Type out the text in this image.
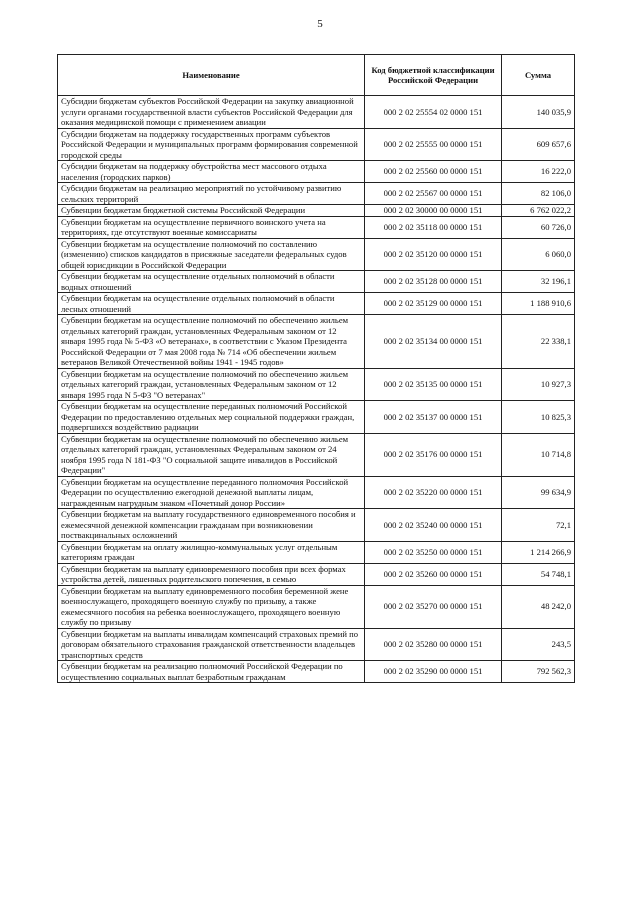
5
Наименование	Код бюджетной классификации Российской Федерации	Сумма
Субсидии бюджетам субъектов Российской Федерации на закупку авиационной услуги органами государственной власти субъектов Российской Федерации для оказания медицинской помощи с применением авиации	000 2 02 25554 02 0000 151	140 035,9
Субсидии бюджетам на поддержку государственных программ субъектов Российской Федерации и муниципальных программ формирования современной городской среды	000 2 02 25555 00 0000 151	609 657,6
Субсидии бюджетам на поддержку обустройства мест массового отдыха населения (городских парков)	000 2 02 25560 00 0000 151	16 222,0
Субсидии бюджетам на реализацию мероприятий по устойчивому развитию сельских территорий	000 2 02 25567 00 0000 151	82 106,0
Субвенции бюджетам бюджетной системы Российской Федерации	000 2 02 30000 00 0000 151	6 762 022,2
Субвенции бюджетам на осуществление первичного воинского учета на территориях, где отсутствуют военные комиссариаты	000 2 02 35118 00 0000 151	60 726,0
Субвенции бюджетам на осуществление полномочий по составлению (изменению) списков кандидатов в присяжные заседатели федеральных судов общей юрисдикции в Российской Федерации	000 2 02 35120 00 0000 151	6 060,0
Субвенции бюджетам на осуществление отдельных полномочий в области водных отношений	000 2 02 35128 00 0000 151	32 196,1
Субвенции бюджетам на осуществление отдельных полномочий в области лесных отношений	000 2 02 35129 00 0000 151	1 188 910,6
Субвенции бюджетам на осуществление полномочий по обеспечению жильем отдельных категорий граждан, установленных Федеральным законом от 12 января 1995 года № 5-ФЗ «О ветеранах», в соответствии с Указом Президента Российской Федерации от 7 мая 2008 года № 714 «Об обеспечении жильем ветеранов Великой Отечественной войны 1941 - 1945 годов»	000 2 02 35134 00 0000 151	22 338,1
Субвенции бюджетам на осуществление полномочий по обеспечению жильем отдельных категорий граждан, установленных Федеральным законом от 12 января 1995 года N 5-ФЗ "О ветеранах"	000 2 02 35135 00 0000 151	10 927,3
Субвенции бюджетам на осуществление переданных полномочий Российской Федерации по предоставлению отдельных мер социальной поддержки граждан, подвергшихся воздействию радиации	000 2 02 35137 00 0000 151	10 825,3
Субвенции бюджетам на осуществление полномочий по обеспечению жильем отдельных категорий граждан, установленных Федеральным законом от 24 ноября 1995 года N 181-ФЗ "О социальной защите инвалидов в Российской Федерации"	000 2 02 35176 00 0000 151	10 714,8
Субвенции бюджетам на осуществление переданного полномочия Российской Федерации по осуществлению ежегодной денежной выплаты лицам, награжденным нагрудным знаком «Почетный донор России»	000 2 02 35220 00 0000 151	99 634,9
Субвенции бюджетам на выплату государственного единовременного пособия и ежемесячной денежной компенсации гражданам при возникновении поствакцинальных осложнений	000 2 02 35240 00 0000 151	72,1
Субвенции бюджетам на оплату жилищно-коммунальных услуг отдельным категориям граждан	000 2 02 35250 00 0000 151	1 214 266,9
Субвенции бюджетам на выплату единовременного пособия при всех формах устройства детей, лишенных родительского попечения, в семью	000 2 02 35260 00 0000 151	54 748,1
Субвенции бюджетам на выплату единовременного пособия беременной жене военнослужащего, проходящего военную службу по призыву, а также ежемесячного пособия на ребенка военнослужащего, проходящего военную службу по призыву	000 2 02 35270 00 0000 151	48 242,0
Субвенции бюджетам на выплаты инвалидам компенсаций страховых премий по договорам обязательного страхования гражданской ответственности владельцев транспортных средств	000 2 02 35280 00 0000 151	243,5
Субвенции бюджетам на реализацию полномочий Российской Федерации по осуществлению социальных выплат безработным гражданам	000 2 02 35290 00 0000 151	792 562,3
